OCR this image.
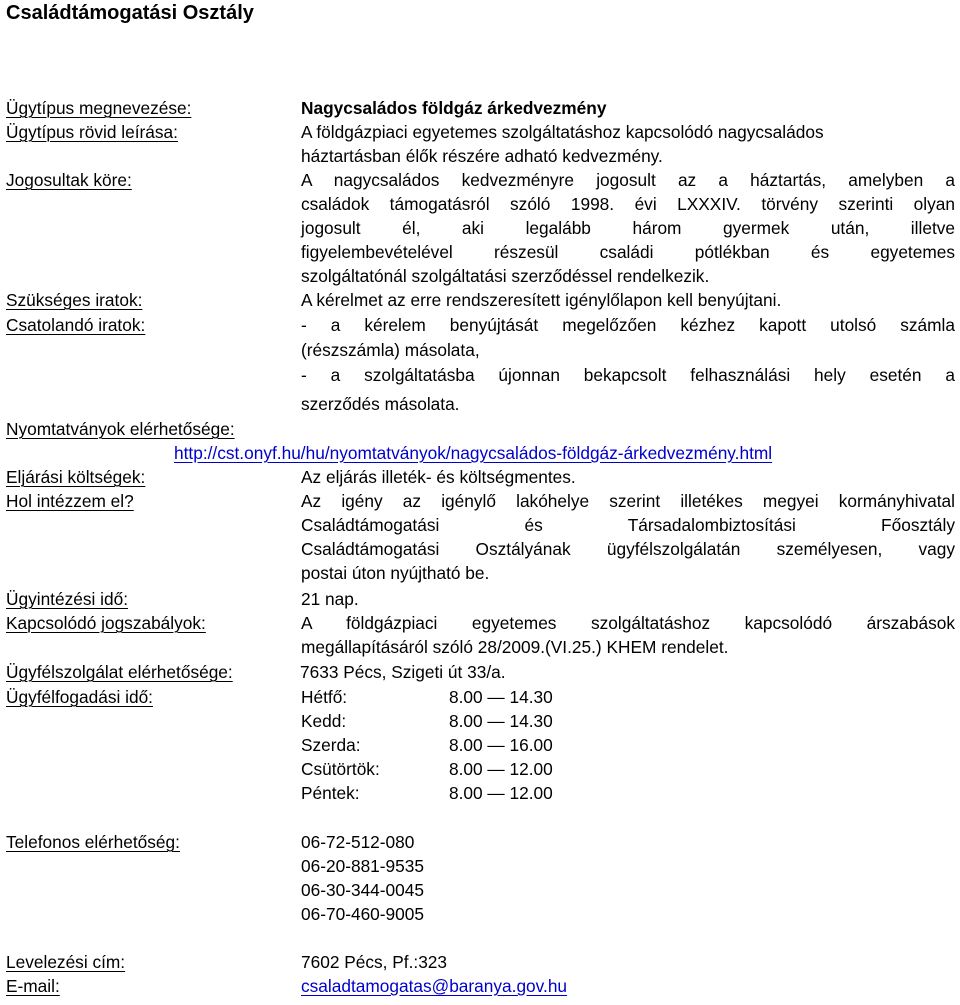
Családtámogatási Osztály
Ügytípus megnevezése:	Nagycsaládos földgáz árkedvezmény
Ügytípus rövid leírása:	A földgázpiaci egyetemes szolgáltatáshoz kapcsolódó nagycsaládos
háztartásban élők részére adható kedvezmény.
Jogosultak köre:	A nagycsaládos kedvezményre jogosult az a háztartás, amelyben a
családok támogatásról szóló 1998. évi LXXXIV. törvény szerinti olyan
jogosult él, aki legalább három gyermek után, illetve
figyelembevételével részesül családi pótlékban és egyetemes
szolgáltatónál szolgáltatási szerződéssel rendelkezik.
Szükséges iratok:	A kérelmet az erre rendszeresített igénylőlapon kell benyújtani.
Csatolandó iratok:	- a kérelem benyújtását megelőzően kézhez kapott utolsó számla
(részszámla) másolata,
- a szolgáltatásba újonnan bekapcsolt felhasználási hely esetén a
szerződés másolata.
Nyomtatványok elérhetősége:
http://cst.onyf.hu/hu/nyomtatványok/nagycsaládos-földgáz-árkedvezmény.html
Eljárási költségek:	Az eljárás illeték- és költségmentes.
Hol intézzem el?	Az igény az igénylő lakóhelye szerint illetékes megyei kormányhivatal
Családtámogatási és Társadalombiztosítási Főosztály
Családtámogatási Osztályának ügyfélszolgálatán személyesen, vagy
postai úton nyújtható be.
Ügyintézési idő:	21 nap.
Kapcsolódó jogszabályok:	A földgázpiaci egyetemes szolgáltatáshoz kapcsolódó árszabások
megállapításáról szóló 28/2009.(VI.25.) KHEM rendelet.
Ügyfélszolgálat elérhetősége:	7633 Pécs, Szigeti út 33/a.
Ügyfélfogadási idő:	Hétfő:	8.00 — 14.30
Kedd:	8.00 — 14.30
Szerda:	8.00 — 16.00
Csütörtök:	8.00 — 12.00
Péntek:	8.00 — 12.00
Telefonos elérhetőség:	06-72-512-080
06-20-881-9535
06-30-344-0045
06-70-460-9005
Levelezési cím:	7602 Pécs, Pf.:323
E-mail:	csaladtamogatas@baranya.gov.hu
